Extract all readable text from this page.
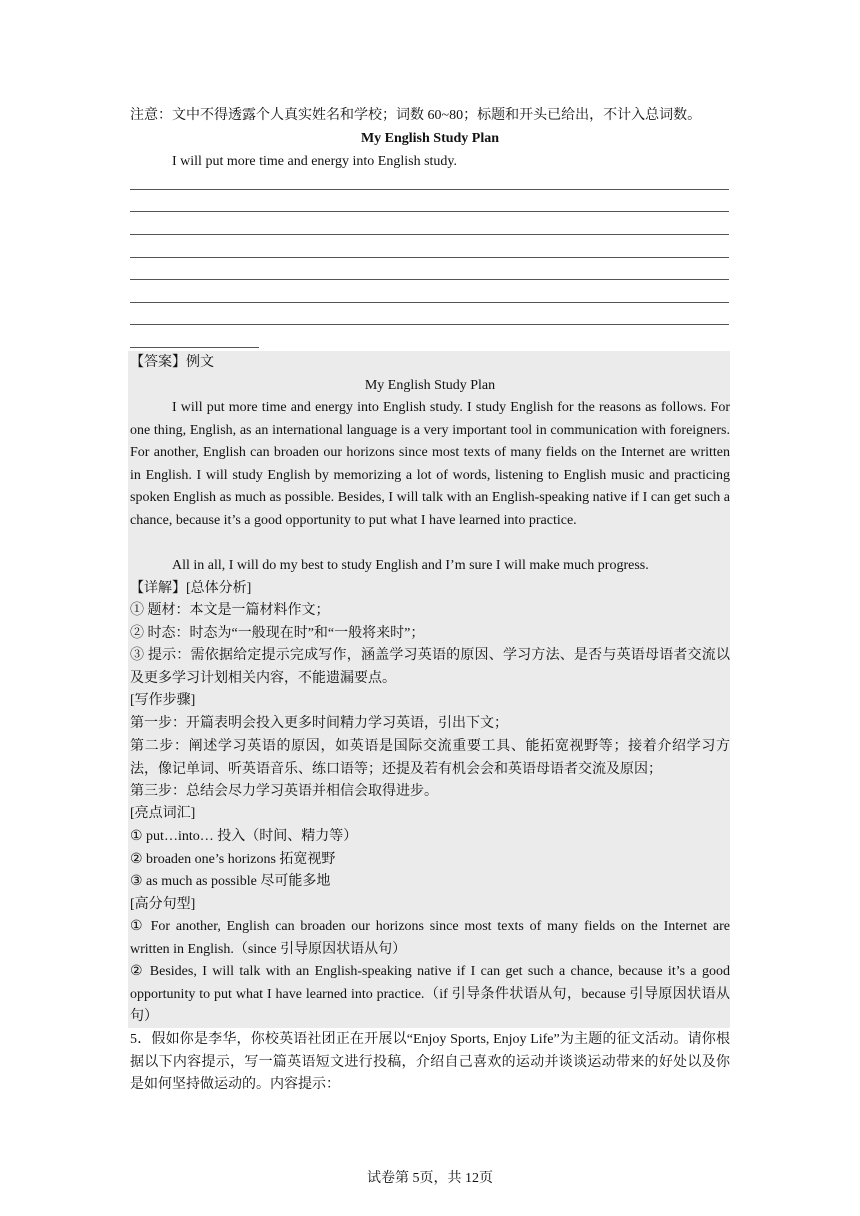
注意：文中不得透露个人真实姓名和学校；词数 60~80；标题和开头已给出，不计入总词数。
My English Study Plan
I will put more time and energy into English study.
【答案】例文
My English Study Plan
I will put more time and energy into English study. I study English for the reasons as follows. For one thing, English, as an international language is a very important tool in communication with foreigners. For another, English can broaden our horizons since most texts of many fields on the Internet are written in English. I will study English by memorizing a lot of words, listening to English music and practicing spoken English as much as possible. Besides, I will talk with an English-speaking native if I can get such a chance, because it’s a good opportunity to put what I have learned into practice.
All in all, I will do my best to study English and I’m sure I will make much progress.
【详解】[总体分析]
① 题材：本文是一篇材料作文；
② 时态：时态为“一般现在时”和“一般将来时”；
③ 提示：需依据给定提示完成写作，涵盖学习英语的原因、学习方法、是否与英语母语者交流以及更多学习计划相关内容，不能遗漏要点。
[写作步骤]
第一步：开篇表明会投入更多时间精力学习英语，引出下文；
第二步：阐述学习英语的原因，如英语是国际交流重要工具、能拓宽视野等；接着介绍学习方法，像记单词、听英语音乐、练口语等；还提及若有机会会和英语母语者交流及原因；
第三步：总结会尽力学习英语并相信会取得进步。
[亮点词汇]
① put…into… 投入（时间、精力等）
② broaden one’s horizons 拓宽视野
③ as much as possible 尽可能多地
[高分句型]
① For another, English can broaden our horizons since most texts of many fields on the Internet are written in English.（since 引导原因状语从句）
② Besides, I will talk with an English-speaking native if I can get such a chance, because it’s a good opportunity to put what I have learned into practice.（if 引导条件状语从句，because 引导原因状语从句）
5．假如你是李华，你校英语社团正在开展以“Enjoy Sports, Enjoy Life”为主题的征文活动。请你根据以下内容提示，写一篇英语短文进行投稿，介绍自己喜欢的运动并谈谈运动带来的好处以及你是如何坚持做运动的。内容提示：
试卷第 5页，共 12页
